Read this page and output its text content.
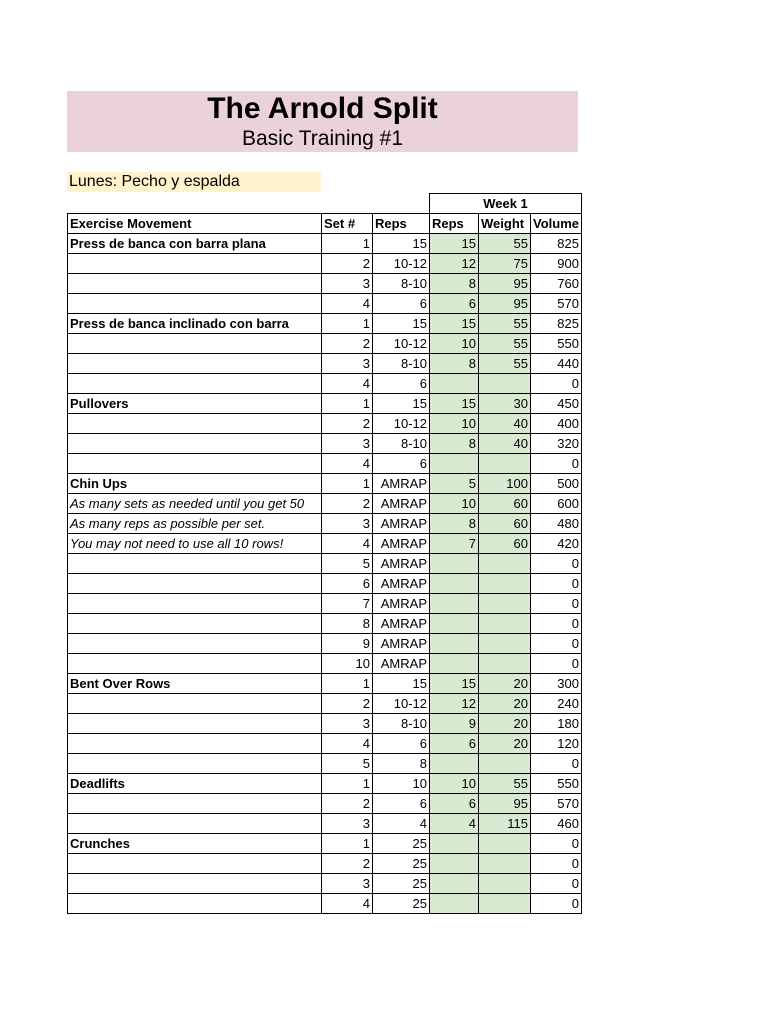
The Arnold Split
Basic Training #1
Lunes: Pecho y espalda
			Week 1		
Exercise Movement	Set #	Reps	Reps	Weight	Volume
Press de banca con barra plana	1	15	15	55	825
	2	10-12	12	75	900
	3	8-10	8	95	760
	4	6	6	95	570
Press de banca inclinado con barra	1	15	15	55	825
	2	10-12	10	55	550
	3	8-10	8	55	440
	4	6			0
Pullovers	1	15	15	30	450
	2	10-12	10	40	400
	3	8-10	8	40	320
	4	6			0
Chin Ups	1	AMRAP	5	100	500
As many sets as needed until you get 50	2	AMRAP	10	60	600
As many reps as possible per set.	3	AMRAP	8	60	480
You may not need to use all 10 rows!	4	AMRAP	7	60	420
	5	AMRAP			0
	6	AMRAP			0
	7	AMRAP			0
	8	AMRAP			0
	9	AMRAP			0
	10	AMRAP			0
Bent Over Rows	1	15	15	20	300
	2	10-12	12	20	240
	3	8-10	9	20	180
	4	6	6	20	120
	5	8			0
Deadlifts	1	10	10	55	550
	2	6	6	95	570
	3	4	4	115	460
Crunches	1	25			0
	2	25			0
	3	25			0
	4	25			0
